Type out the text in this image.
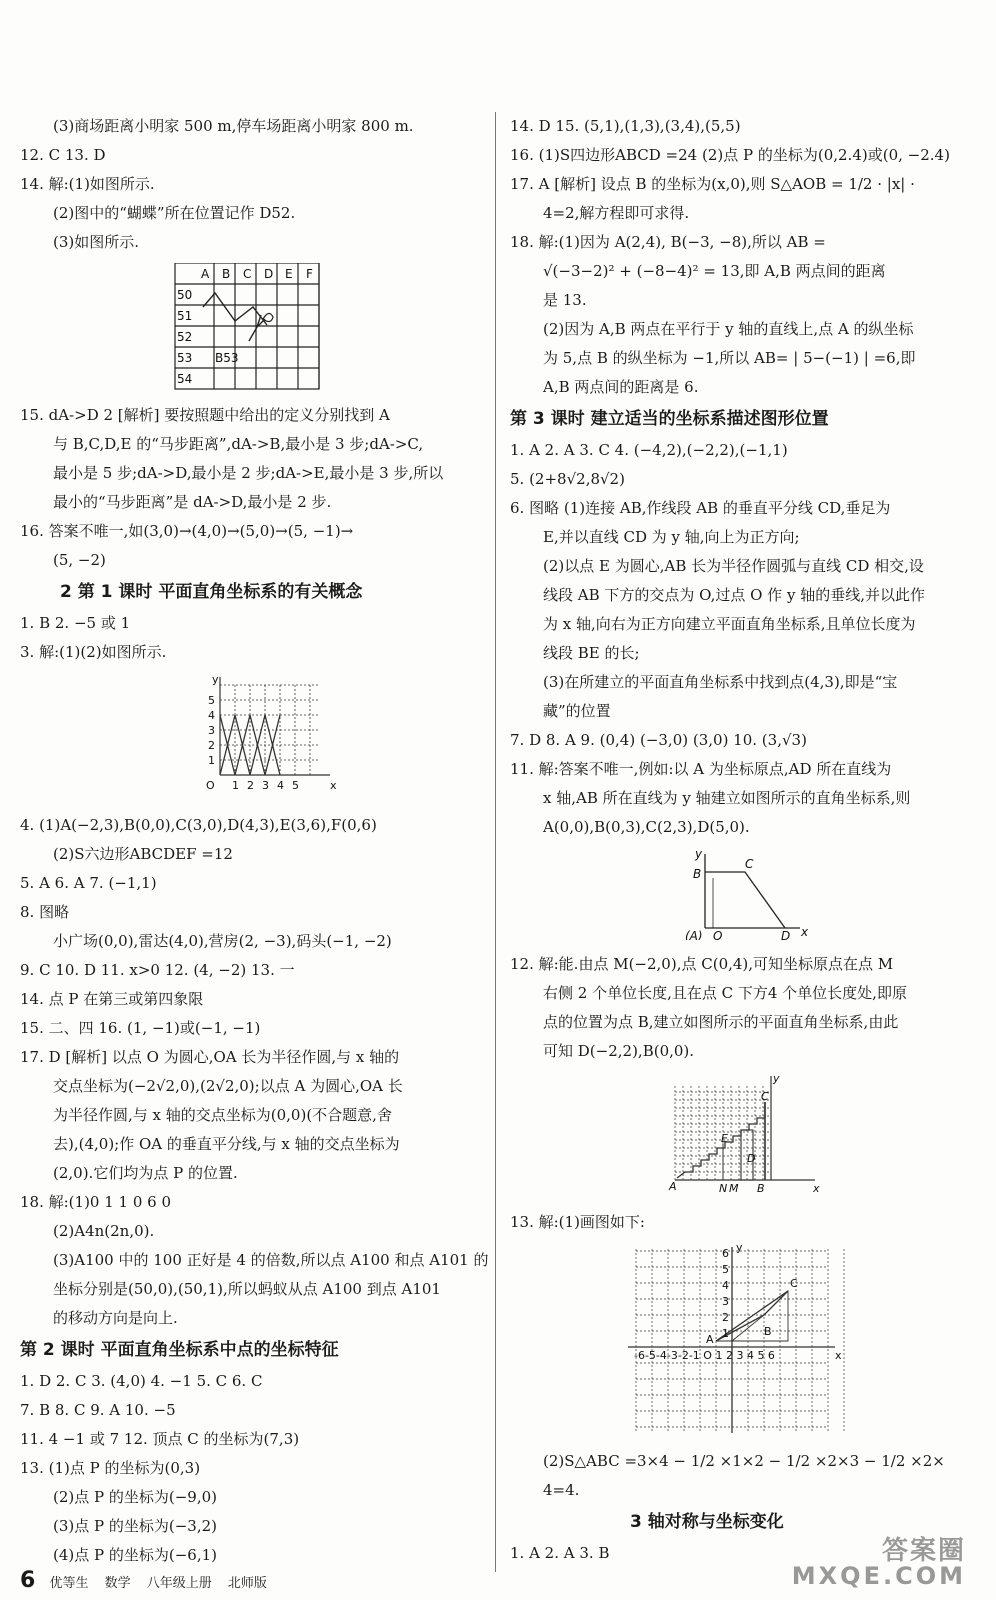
(3)商场距离小明家 500 m,停车场距离小明家 800 m.
12. C 13. D
14. 解:(1)如图所示.
(2)图中的“蝴蝶”所在位置记作 D52.
(3)如图所示.
A B C D E F
50
51
52
53
54
B53
15. dA->D 2 [解析] 要按照题中给出的定义分别找到 A
与 B,C,D,E 的“马步距离”,dA->B,最小是 3 步;dA->C,
最小是 5 步;dA->D,最小是 2 步;dA->E,最小是 3 步,所以
最小的“马步距离”是 dA->D,最小是 2 步.
16. 答案不唯一,如(3,0)→(4,0)→(5,0)→(5, −1)→
(5, −2)
2 第 1 课时 平面直角坐标系的有关概念
1. B 2. −5 或 1
3. 解:(1)(2)如图所示.
1 2 3 4 5
1
2
3
4
5
O	x
y
4. (1)A(−2,3),B(0,0),C(3,0),D(4,3),E(3,6),F(0,6)
(2)S六边形ABCDEF =12
5. A 6. A 7. (−1,1)
8. 图略
小广场(0,0),雷达(4,0),营房(2, −3),码头(−1, −2)
9. C 10. D 11. x>0 12. (4, −2) 13. 一
14. 点 P 在第三或第四象限
15. 二、四 16. (1, −1)或(−1, −1)
17. D [解析] 以点 O 为圆心,OA 长为半径作圆,与 x 轴的
交点坐标为(−2√2,0),(2√2,0);以点 A 为圆心,OA 长
为半径作圆,与 x 轴的交点坐标为(0,0)(不合题意,舍
去),(4,0);作 OA 的垂直平分线,与 x 轴的交点坐标为
(2,0).它们均为点 P 的位置.
18. 解:(1)0 1 1 0 6 0
(2)A4n(2n,0).
(3)A100 中的 100 正好是 4 的倍数,所以点 A100 和点 A101 的
坐标分别是(50,0),(50,1),所以蚂蚁从点 A100 到点 A101
的移动方向是向上.
第 2 课时 平面直角坐标系中点的坐标特征
1. D 2. C 3. (4,0) 4. −1 5. C 6. C
7. B 8. C 9. A 10. −5
11. 4 −1 或 7 12. 顶点 C 的坐标为(7,3)
13. (1)点 P 的坐标为(0,3)
(2)点 P 的坐标为(−9,0)
(3)点 P 的坐标为(−3,2)
(4)点 P 的坐标为(−6,1)
14. D 15. (5,1),(1,3),(3,4),(5,5)
16. (1)S四边形ABCD =24 (2)点 P 的坐标为(0,2.4)或(0, −2.4)
17. A [解析] 设点 B 的坐标为(x,0),则 S△AOB = 1/2 · |x| ·
4=2,解方程即可求得.
18. 解:(1)因为 A(2,4), B(−3, −8),所以 AB =
√(−3−2)² + (−8−4)² = 13,即 A,B 两点间的距离
是 13.
(2)因为 A,B 两点在平行于 y 轴的直线上,点 A 的纵坐标
为 5,点 B 的纵坐标为 −1,所以 AB= | 5−(−1) | =6,即
A,B 两点间的距离是 6.
第 3 课时 建立适当的坐标系描述图形位置
1. A 2. A 3. C 4. (−4,2),(−2,2),(−1,1)
5. (2+8√2,8√2)
6. 图略 (1)连接 AB,作线段 AB 的垂直平分线 CD,垂足为
E,并以直线 CD 为 y 轴,向上为正方向;
(2)以点 E 为圆心,AB 长为半径作圆弧与直线 CD 相交,设
线段 AB 下方的交点为 O,过点 O 作 y 轴的垂线,并以此作
为 x 轴,向右为正方向建立平面直角坐标系,且单位长度为
线段 BE 的长;
(3)在所建立的平面直角坐标系中找到点(4,3),即是“宝
藏”的位置
7. D 8. A 9. (0,4) (−3,0) (3,0) 10. (3,√3)
11. 解:答案不唯一,例如:以 A 为坐标原点,AD 所在直线为
x 轴,AB 所在直线为 y 轴建立如图所示的直角坐标系,则
A(0,0),B(0,3),C(2,3),D(5,0).
B
C
(A) O	D x
y
12. 解:能.由点 M(−2,0),点 C(0,4),可知坐标原点在点 M
右侧 2 个单位长度,且在点 C 下方4 个单位长度处,即原
点的位置为点 B,建立如图所示的平面直角坐标系,由此
可知 D(−2,2),B(0,0).
A	N M B
C
D
E
x
y
13. 解:(1)画图如下:
-6-5-4-3-2-1 O 1 2 3 4 5 6	x
y
6
5
4
3
2
1
C
B
A
(2)S△ABC =3×4 − 1/2 ×1×2 − 1/2 ×2×3 − 1/2 ×2×
4=4.
3 轴对称与坐标变化
1. A 2. A 3. B
6 优等生 数学 八年级上册 北师版
答案圈
MXQE.COM
